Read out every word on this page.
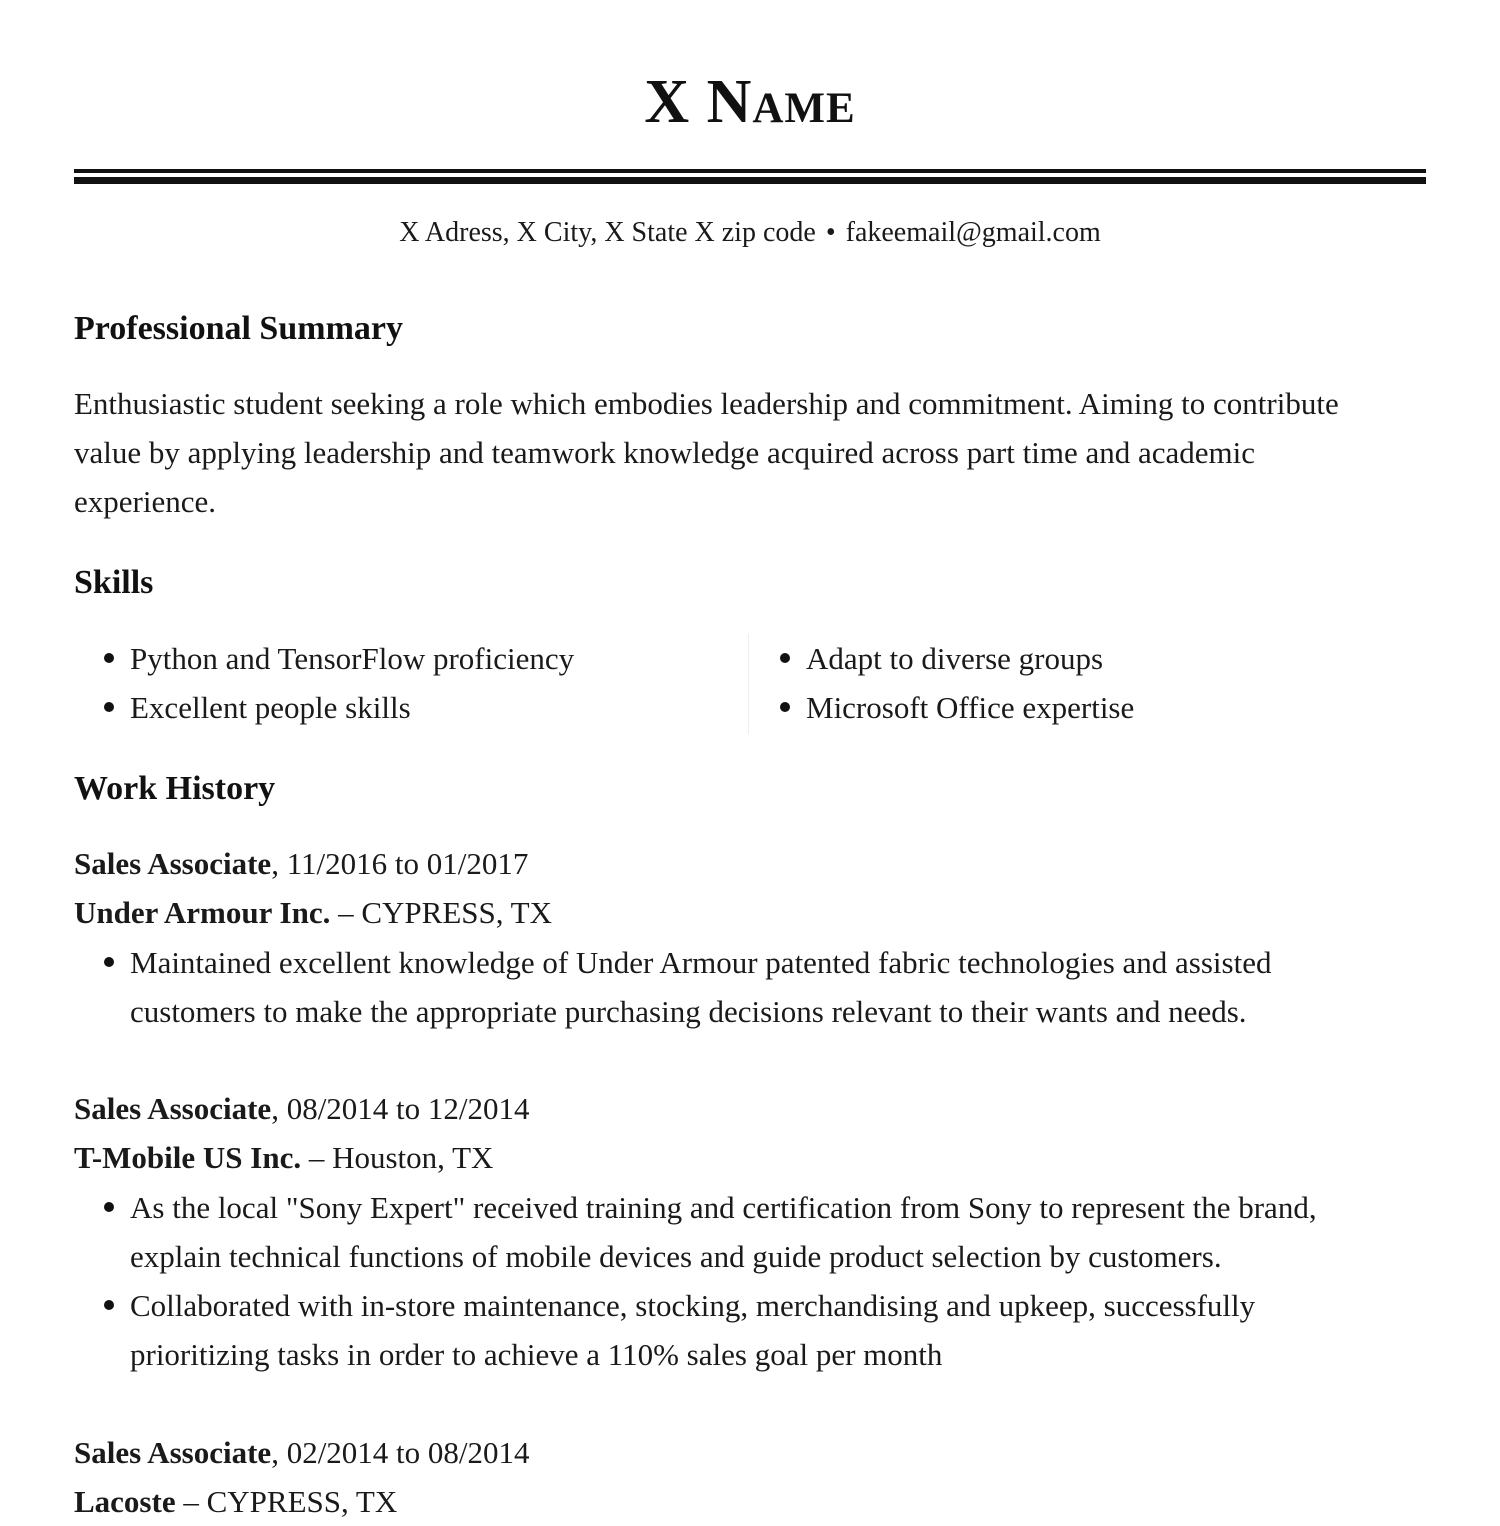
X Name
X Adress, X City, X State X zip code • fakeemail@gmail.com
Professional Summary
Enthusiastic student seeking a role which embodies leadership and commitment. Aiming to contribute
value by applying leadership and teamwork knowledge acquired across part time and academic
experience.
Skills
Python and TensorFlow proficiency
Excellent people skills
Adapt to diverse groups
Microsoft Office expertise
Work History
Sales Associate, 11/2016 to 01/2017
Under Armour Inc. – CYPRESS, TX
Maintained excellent knowledge of Under Armour patented fabric technologies and assisted
customers to make the appropriate purchasing decisions relevant to their wants and needs.
Sales Associate, 08/2014 to 12/2014
T-Mobile US Inc. – Houston, TX
As the local "Sony Expert" received training and certification from Sony to represent the brand,
explain technical functions of mobile devices and guide product selection by customers.
Collaborated with in-store maintenance, stocking, merchandising and upkeep, successfully
prioritizing tasks in order to achieve a 110% sales goal per month
Sales Associate, 02/2014 to 08/2014
Lacoste – CYPRESS, TX
